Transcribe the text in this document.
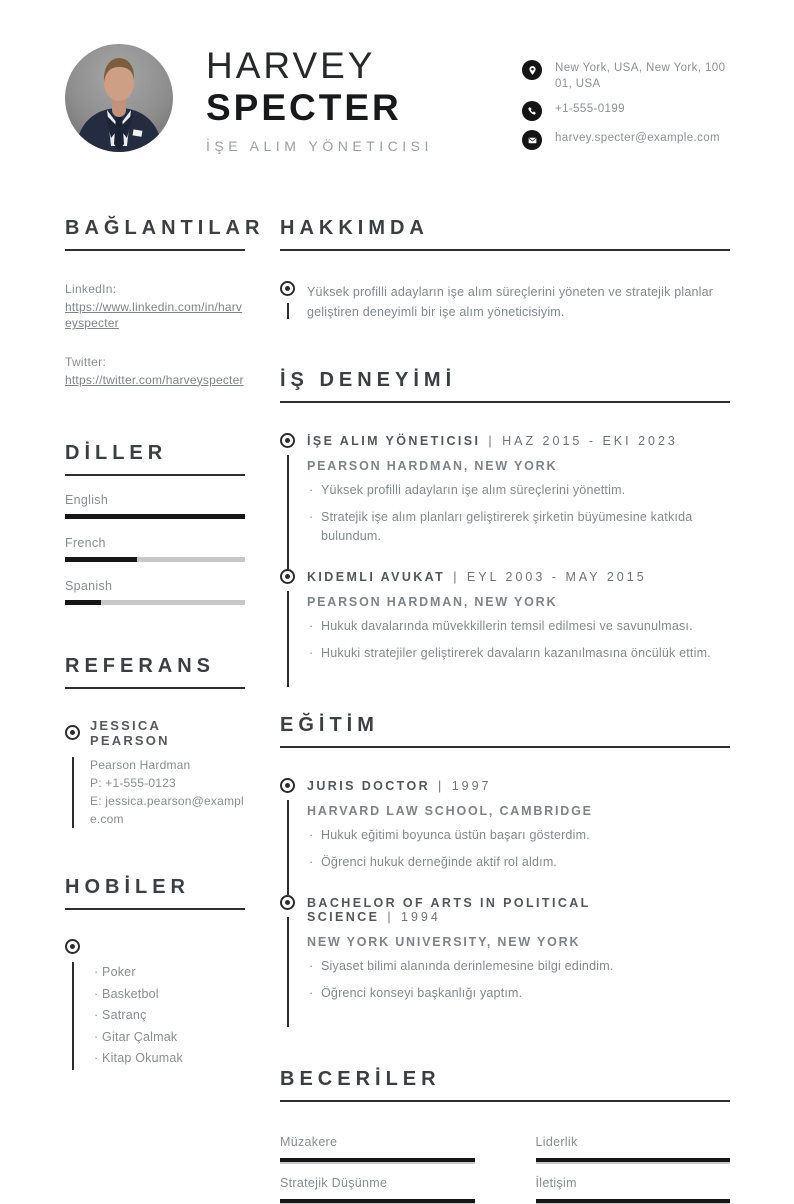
HARVEY
SPECTER
İŞE ALIM YÖNETICISI
New York, USA, New York, 10001, USA
+1-555-0199
harvey.specter@example.com
BAĞLANTILAR
LinkedIn:
https://www.linkedin.com/in/harveyspecter
Twitter:
https://twitter.com/harveyspecter
DİLLER
English
French
Spanish
REFERANS
JESSICA PEARSON
Pearson Hardman
P: +1-555-0123
E: jessica.pearson@example.com
HOBİLER
· Poker
· Basketbol
· Satranç
· Gitar Çalmak
· Kitap Okumak
HAKKIMDA

Yüksek profilli adayların işe alım süreçlerini yöneten ve stratejik planlar geliştiren deneyimli bir işe alım yöneticisiyim.

İŞ DENEYİMİ
İŞE ALIM YÖNETICISI | HAZ 2015 - EKI 2023
PEARSON HARDMAN, NEW YORK
· Yüksek profilli adayların işe alım süreçlerini yönettim.
· Stratejik işe alım planları geliştirerek şirketin büyümesine katkıda bulundum.
KIDEMLI AVUKAT | EYL 2003 - MAY 2015
PEARSON HARDMAN, NEW YORK
· Hukuk davalarında müvekkillerin temsil edilmesi ve savunulması.
· Hukuki stratejiler geliştirerek davaların kazanılmasına öncülük ettim.
EĞİTİM
JURIS DOCTOR | 1997
HARVARD LAW SCHOOL, CAMBRIDGE
· Hukuk eğitimi boyunca üstün başarı gösterdim.
· Öğrenci hukuk derneğinde aktif rol aldım.
BACHELOR OF ARTS IN POLITICAL SCIENCE| 1994
NEW YORK UNIVERSITY, NEW YORK
· Siyaset bilimi alanında derinlemesine bilgi edindim.
· Öğrenci konseyi başkanlığı yaptım.
BECERİLER
Müzakere	Liderlik
Stratejik Düşünme	İletişim
